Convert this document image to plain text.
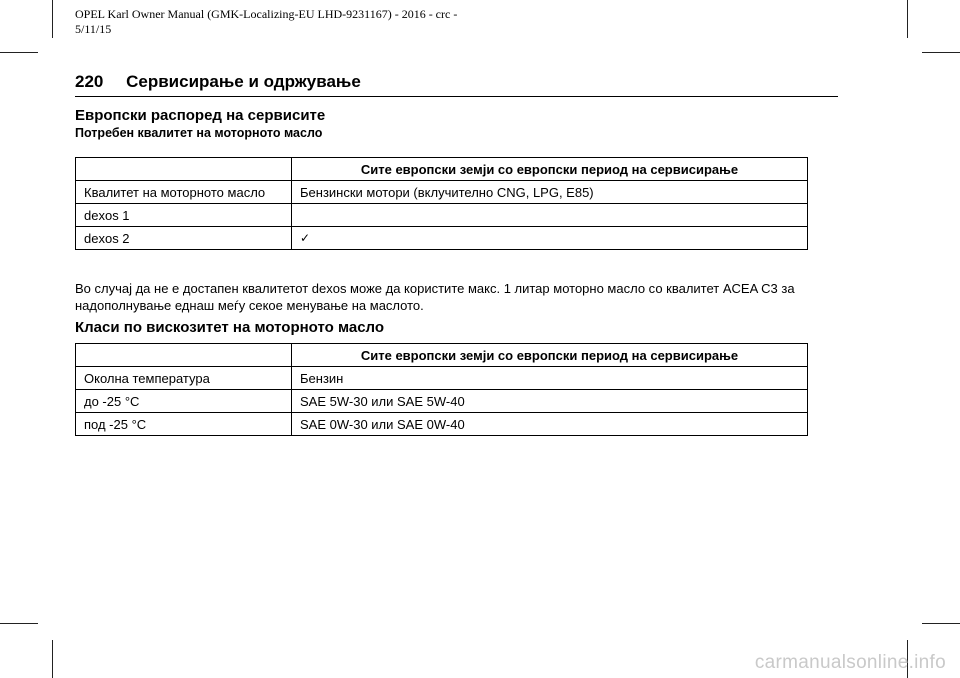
OPEL Karl Owner Manual (GMK-Localizing-EU LHD-9231167) - 2016 - crc -
5/11/15
220 Сервисирање и одржување
Европски распоред на сервисите
Потребен квалитет на моторното масло
	Сите европски земји со европски период на сервисирање
Квалитет на моторното масло	Бензински мотори (вклучително CNG, LPG, E85)
dexos 1	
dexos 2	✓
Во случај да не е достапен квалитетот dexos може да користите макс. 1 литар моторно масло со квалитет ACEA C3 за надополнување еднаш меѓу секое менување на маслото.
Класи по вискозитет на моторното масло
	Сите европски земји со европски период на сервисирање
Околна температура	Бензин
до -25 °C	SAE 5W-30 или SAE 5W-40
под -25 °C	SAE 0W-30 или SAE 0W-40
carmanualsonline.info
